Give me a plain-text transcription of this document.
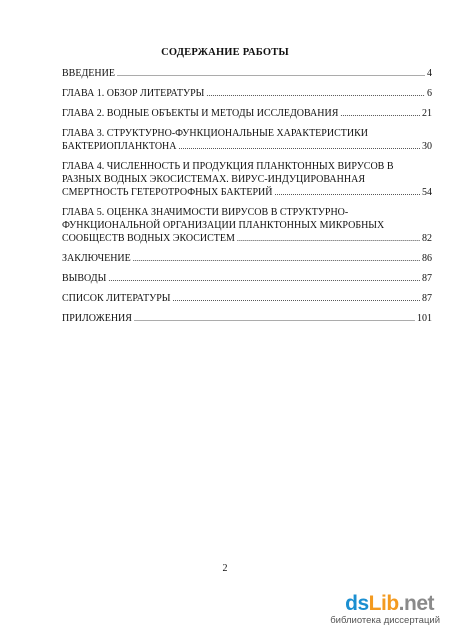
СОДЕРЖАНИЕ РАБОТЫ
ВВЕДЕНИЕ .....	4
ГЛАВА 1. ОБЗОР ЛИТЕРАТУРЫ .....	6
ГЛАВА 2. ВОДНЫЕ ОБЪЕКТЫ И МЕТОДЫ ИССЛЕДОВАНИЯ .....	21
ГЛАВА 3. СТРУКТУРНО-ФУНКЦИОНАЛЬНЫЕ ХАРАКТЕРИСТИКИ
БАКТЕРИОПЛАНКТОНА .....	30
ГЛАВА 4. ЧИСЛЕННОСТЬ И ПРОДУКЦИЯ ПЛАНКТОННЫХ ВИРУСОВ В
РАЗНЫХ ВОДНЫХ ЭКОСИСТЕМАХ. ВИРУС-ИНДУЦИРОВАННАЯ
СМЕРТНОСТЬ ГЕТЕРОТРОФНЫХ БАКТЕРИЙ .....	54
ГЛАВА 5. ОЦЕНКА ЗНАЧИМОСТИ ВИРУСОВ В СТРУКТУРНО-
ФУНКЦИОНАЛЬНОЙ ОРГАНИЗАЦИИ ПЛАНКТОННЫХ МИКРОБНЫХ
СООБЩЕСТВ ВОДНЫХ ЭКОСИСТЕМ .....	82
ЗАКЛЮЧЕНИЕ .....	86
ВЫВОДЫ .....	87
СПИСОК ЛИТЕРАТУРЫ .....	87
ПРИЛОЖЕНИЯ .....	101
2
dsLib.net
библиотека диссертаций
